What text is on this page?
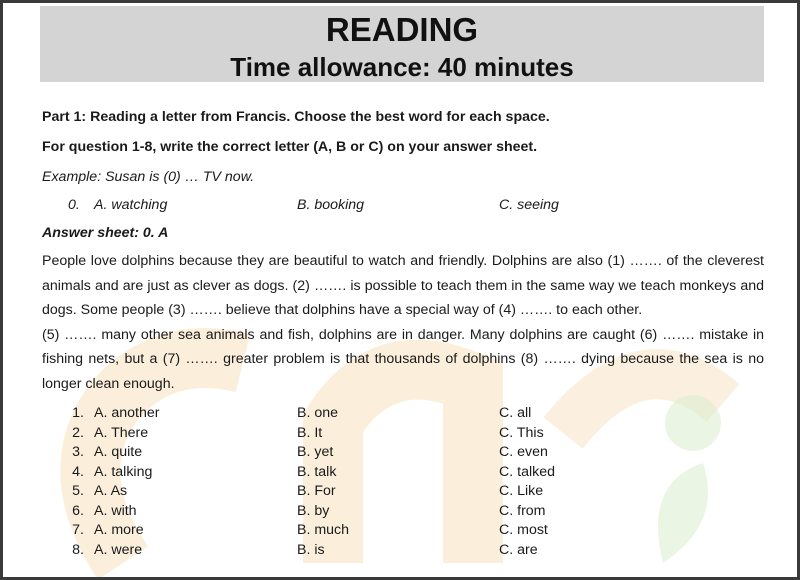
READING
Time allowance: 40 minutes
Part 1: Reading a letter from Francis. Choose the best word for each space.
For question 1-8, write the correct letter (A, B or C) on your answer sheet.
Example: Susan is (0) … TV now.
0. A. watching	B. booking	C. seeing
Answer sheet: 0. A

People love dolphins because they are beautiful to watch and friendly. Dolphins are also (1) ……. of the cleverest animals and are just as clever as dogs. (2) ……. is possible to teach them in the same way we teach monkeys and dogs. Some people (3) ……. believe that dolphins have a special way of (4) ……. to each other.

(5) ……. many other sea animals and fish, dolphins are in danger. Many dolphins are caught (6) ……. mistake in fishing nets, but a (7) ……. greater problem is that thousands of dolphins (8) ……. dying because the sea is no longer clean enough.

1. A. another	B. one	C. all
2. A. There	B. It	C. This
3. A. quite	B. yet	C. even
4. A. talking	B. talk	C. talked
5. A. As	B. For	C. Like
6. A. with	B. by	C. from
7. A. more	B. much	C. most
8. A. were	B. is	C. are
